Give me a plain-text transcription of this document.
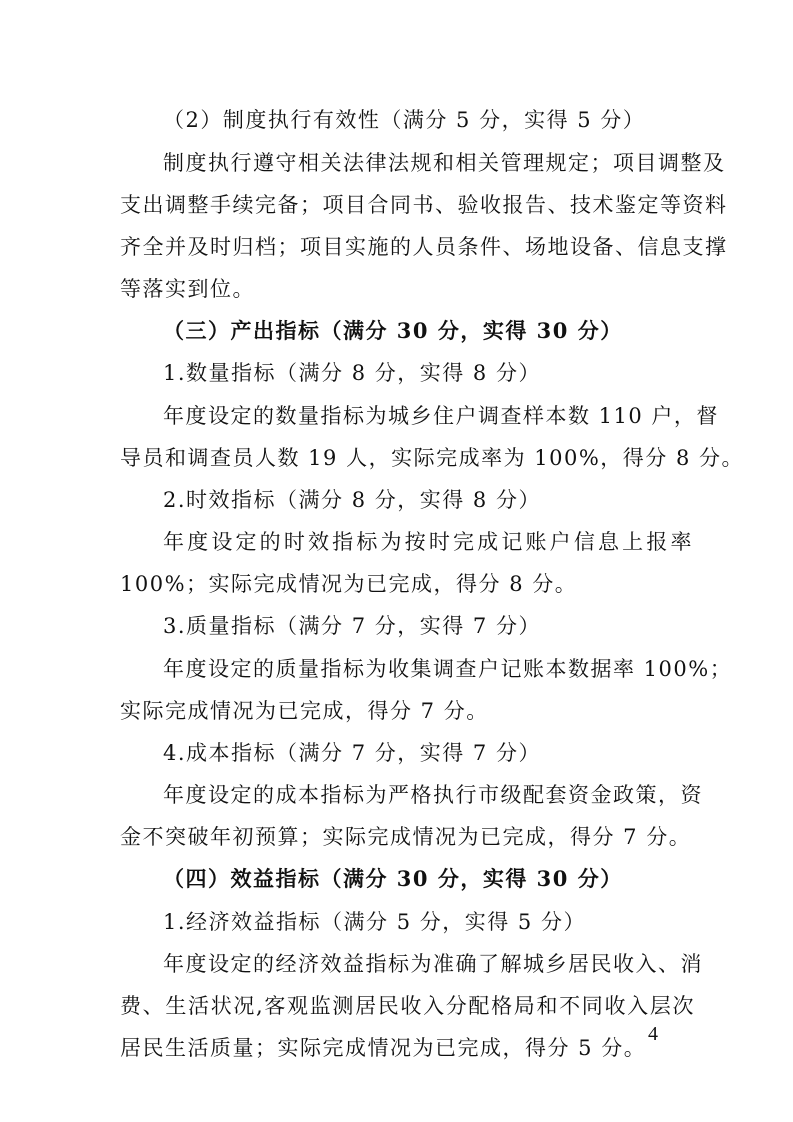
（2）制度执行有效性（满分 5 分，实得 5 分）
制度执行遵守相关法律法规和相关管理规定；项目调整及
支出调整手续完备；项目合同书、验收报告、技术鉴定等资料
齐全并及时归档；项目实施的人员条件、场地设备、信息支撑
等落实到位。
（三）产出指标（满分 30 分，实得 30 分）
1.数量指标（满分 8 分，实得 8 分）
年度设定的数量指标为城乡住户调查样本数 110 户，督
导员和调查员人数 19 人，实际完成率为 100%，得分 8 分。
2.时效指标（满分 8 分，实得 8 分）
年度设定的时效指标为按时完成记账户信息上报率
100%；实际完成情况为已完成，得分 8 分。
3.质量指标（满分 7 分，实得 7 分）
年度设定的质量指标为收集调查户记账本数据率 100%；
实际完成情况为已完成，得分 7 分。
4.成本指标（满分 7 分，实得 7 分）
年度设定的成本指标为严格执行市级配套资金政策，资
金不突破年初预算；实际完成情况为已完成，得分 7 分。
（四）效益指标（满分 30 分，实得 30 分）
1.经济效益指标（满分 5 分，实得 5 分）
年度设定的经济效益指标为准确了解城乡居民收入、消
费、生活状况,客观监测居民收入分配格局和不同收入层次
居民生活质量；实际完成情况为已完成，得分 5 分。
4
